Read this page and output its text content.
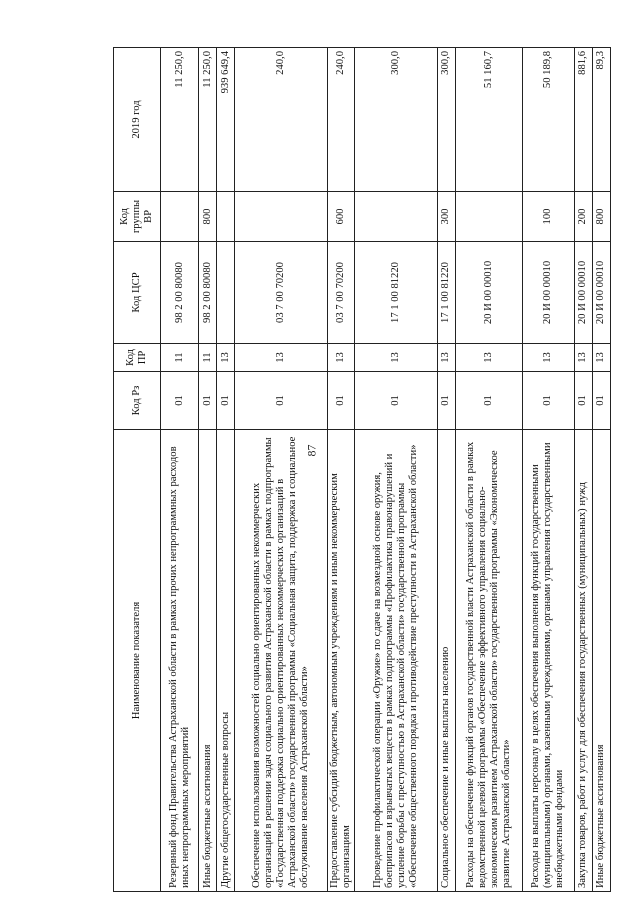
87
Наименование показателя	Код Рз	Код ПР	Код ЦСР	Код группы ВР	2019 год
Резервный фонд Правительства Астраханской области в рамках прочих непрограммных расходов иных непрограммных мероприятий	01	11	98 2 00 80080		11 250,0
Иные бюджетные ассигнования	01	11	98 2 00 80080	800	11 250,0
Другие общегосударственные вопросы	01	13			939 649,4
Обеспечение использования возможностей социально ориентированных некоммерческих организаций в решении задач социального развития Астраханской области в рамках подпрограммы «Государственная поддержка социально ориентированных некоммерческих организаций в Астраханской области» государственной программы «Социальная защита, поддержка и социальное обслуживание населения Астраханской области»	01	13	03 7 00 70200		240,0
Предоставление субсидий бюджетным, автономным учреждениям и иным некоммерческим организациям	01	13	03 7 00 70200	600	240,0
Проведение профилактической операции «Оружие» по сдаче на возмездной основе оружия, боеприпасов и взрывчатых веществ в рамках подпрограммы «Профилактика правонарушений и усиление борьбы с преступностью в Астраханской области» государственной программы «Обеспечение общественного порядка и противодействие преступности в Астраханской области»	01	13	17 1 00 81220		300,0
Социальное обеспечение и иные выплаты населению	01	13	17 1 00 81220	300	300,0
Расходы на обеспечение функций органов государственной власти Астраханской области в рамках ведомственной целевой программы «Обеспечение эффективного управления социально-экономическим развитием Астраханской области» государственной программы «Экономическое развитие Астраханской области»	01	13	20 И 00 00010		51 160,7
Расходы на выплаты персоналу в целях обеспечения выполнения функций государственными (муниципальными) органами, казенными учреждениями, органами управления государственными внебюджетными фондами	01	13	20 И 00 00010	100	50 189,8
Закупка товаров, работ и услуг для обеспечения государственных (муниципальных) нужд	01	13	20 И 00 00010	200	881,6
Иные бюджетные ассигнования	01	13	20 И 00 00010	800	89,3
